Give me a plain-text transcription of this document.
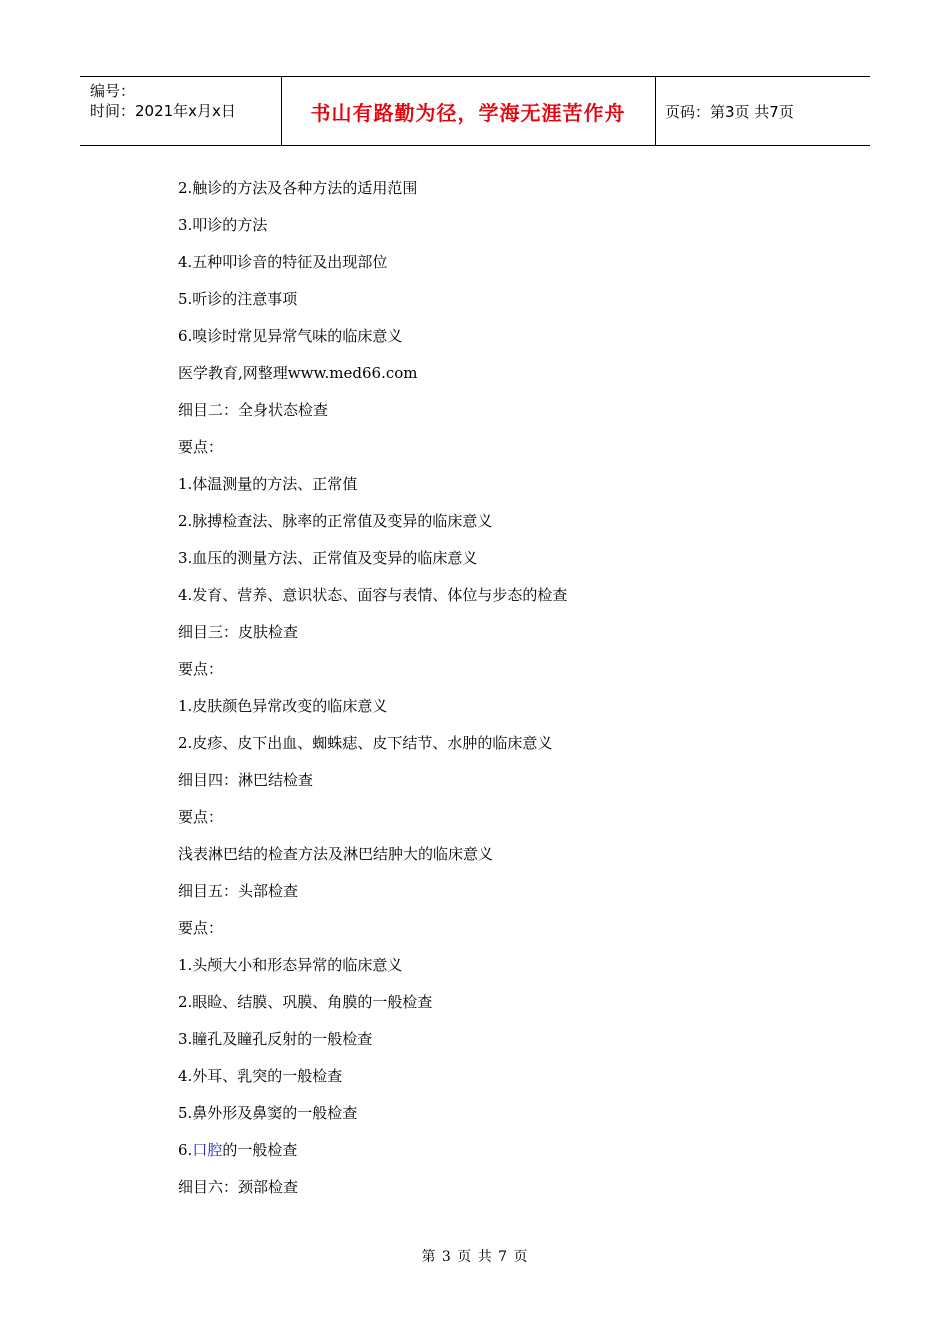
编号：
时间：2021年x月x日	书山有路勤为径，学海无涯苦作舟	页码：第3页 共7页
2.触诊的方法及各种方法的适用范围
3.叩诊的方法
4.五种叩诊音的特征及出现部位
5.听诊的注意事项
6.嗅诊时常见异常气味的临床意义
医学教育,网整理www.med66.com
细目二：全身状态检查
要点：
1.体温测量的方法、正常值
2.脉搏检查法、脉率的正常值及变异的临床意义
3.血压的测量方法、正常值及变异的临床意义
4.发育、营养、意识状态、面容与表情、体位与步态的检查
细目三：皮肤检查
要点：
1.皮肤颜色异常改变的临床意义
2.皮疹、皮下出血、蜘蛛痣、皮下结节、水肿的临床意义
细目四：淋巴结检查
要点：
浅表淋巴结的检查方法及淋巴结肿大的临床意义
细目五：头部检查
要点：
1.头颅大小和形态异常的临床意义
2.眼睑、结膜、巩膜、角膜的一般检查
3.瞳孔及瞳孔反射的一般检查
4.外耳、乳突的一般检查
5.鼻外形及鼻窦的一般检查
6.口腔的一般检查
细目六：颈部检查
第 3 页 共 7 页
